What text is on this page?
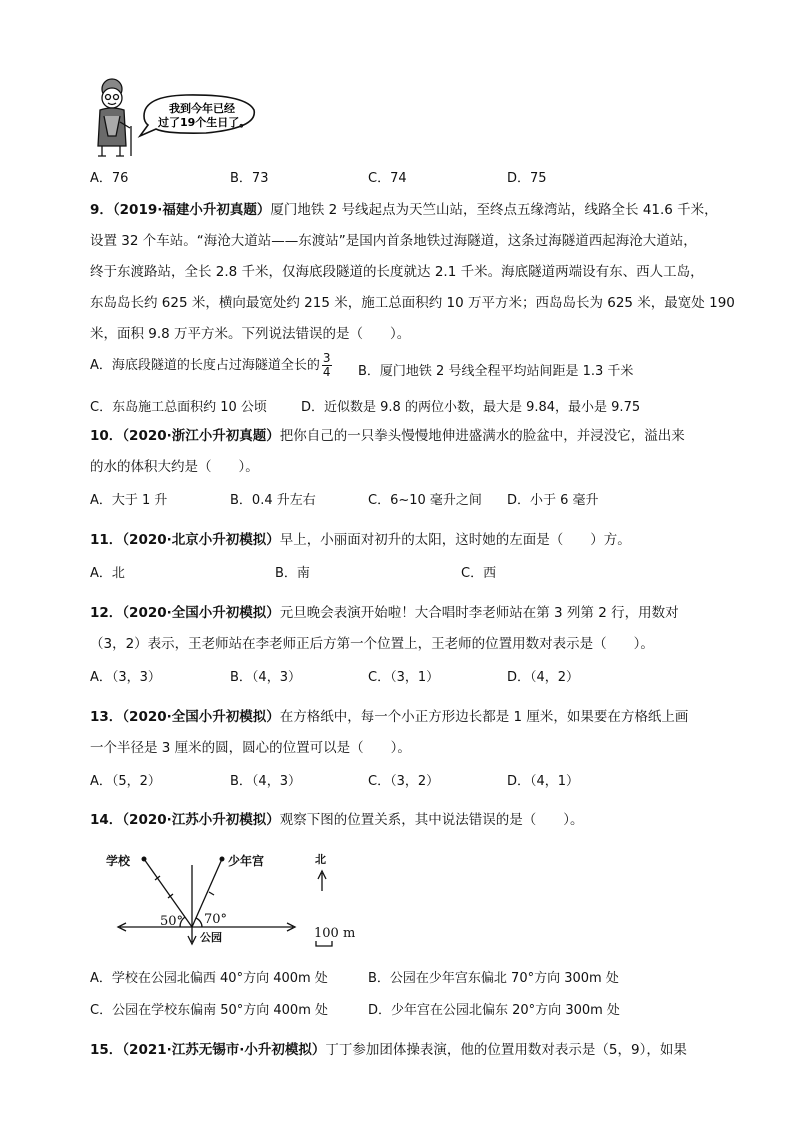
我到今年已经
过了19个生日了。
A．76	B．73	C．74	D．75
9．（2019·福建小升初真题）厦门地铁 2 号线起点为天竺山站，至终点五缘湾站，线路全长 41.6 千米，
设置 32 个车站。“海沧大道站——东渡站”是国内首条地铁过海隧道，这条过海隧道西起海沧大道站，
终于东渡路站，全长 2.8 千米，仅海底段隧道的长度就达 2.1 千米。海底隧道两端设有东、西人工岛，
东岛岛长约 625 米，横向最宽处约 215 米，施工总面积约 10 万平方米；西岛岛长为 625 米，最宽处 190
米，面积 9.8 万平方米。下列说法错误的是（　　）。
A．海底段隧道的长度占过海隧道全长的 $\frac{3}{4}$ B．厦门地铁 2 号线全程平均站间距是 1.3 千米
C．东岛施工总面积约 10 公顷	D．近似数是 9.8 的两位小数，最大是 9.84，最小是 9.75
10．（2020·浙江小升初真题）把你自己的一只拳头慢慢地伸进盛满水的脸盆中，并浸没它，溢出来
的水的体积大约是（　　）。
A．大于 1 升	B．0.4 升左右	C．6~10 毫升之间 D．小于 6 毫升
11．（2020·北京小升初模拟）早上，小丽面对初升的太阳，这时她的左面是（　　）方。
A．北	B．南	C．西
12．（2020·全国小升初模拟）元旦晚会表演开始啦！大合唱时李老师站在第 3 列第 2 行，用数对
（3，2）表示，王老师站在李老师正后方第一个位置上，王老师的位置用数对表示是（　　）。
A．（3，3）	B．（4，3）	C．（3，1）	D．（4，2）
13．（2020·全国小升初模拟）在方格纸中，每一个小正方形边长都是 1 厘米，如果要在方格纸上画
一个半径是 3 厘米的圆，圆心的位置可以是（　　）。
A．（5，2）	B．（4，3）	C．（3，2）	D．（4，1）
14．（2020·江苏小升初模拟）观察下图的位置关系，其中说法错误的是（　　）。
学校	少年宫
公园
50° 70°
北
100 m
A．学校在公园北偏西 40°方向 400m 处	B．公园在少年宫东偏北 70°方向 300m 处
C．公园在学校东偏南 50°方向 400m 处	D．少年宫在公园北偏东 20°方向 300m 处
15．（2021·江苏无锡市·小升初模拟）丁丁参加团体操表演，他的位置用数对表示是（5，9），如果
